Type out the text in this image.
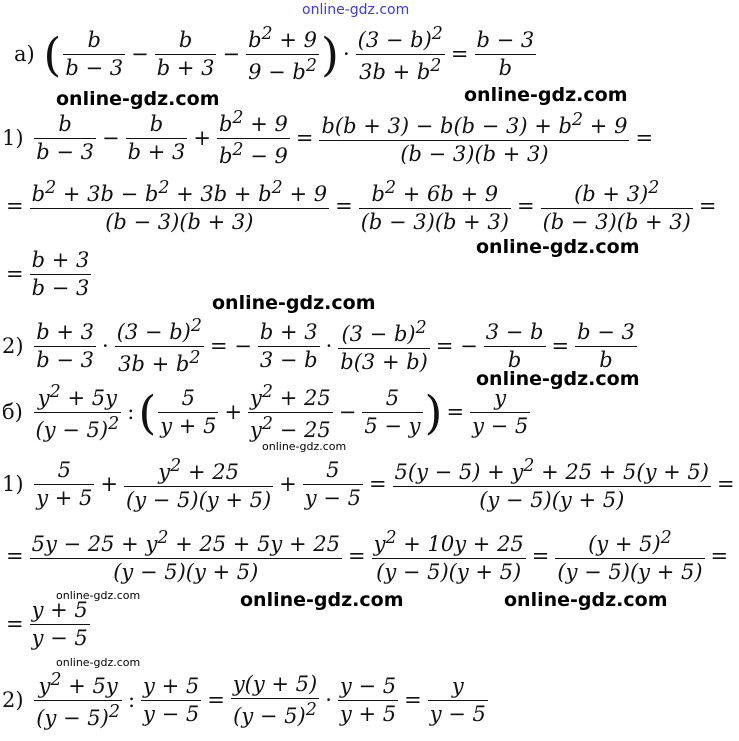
online-gdz.com
а) ( $\frac{b}{b - 3} - \frac{b}{b + 3} - \frac{b^2 + 9}{9 - b^2}$ ) · $\frac{(3 - b)^2}{3b + b^2} = \frac{b - 3}{b}$
$1) \frac{b}{b - 3} - \frac{b}{b + 3} + \frac{b^2 + 9}{b^2 - 9} = \frac{b(b + 3) - b(b - 3) + b^2 + 9}{(b - 3)(b + 3)}$ =
= $\frac{b^2 + 3b - b^2 + 3b + b^2 + 9}{(b - 3)(b + 3)} = \frac{b^2 + 6b + 9}{(b - 3)(b + 3)} = \frac{(b + 3)^2}{(b - 3)(b + 3)}$ =
= $\frac{b + 3}{b - 3}$
$2) \frac{b + 3}{b - 3} \cdot \frac{(3 - b)^2}{3b + b^2}$ = − $\frac{b + 3}{3 - b} \cdot \frac{(3 - b)^2}{b(3 + b)}$ = − $\frac{3 - b}{b} = \frac{b - 3}{b}$
$б) \frac{y^2 + 5y}{(y - 5)^2}$ :( $\frac{5}{y + 5} + \frac{y^2 + 25}{y^2 - 25} - \frac{5}{5 - y}$ ) = $\frac{y}{y - 5}$
$1) \frac{5}{y + 5} + \frac{y^2 + 25}{(y - 5)(y + 5)} + \frac{5}{y - 5} = \frac{5(y - 5) + y^2 + 25 + 5(y + 5)}{(y - 5)(y + 5)}$ =
= $\frac{5y - 25 + y^2 + 25 + 5y + 25}{(y - 5)(y + 5)} = \frac{y^2 + 10y + 25}{(y - 5)(y + 5)} = \frac{(y + 5)^2}{(y - 5)(y + 5)}$ =
= $\frac{y + 5}{y - 5}$
$2) \frac{y^2 + 5y}{(y - 5)^2}$ : $\frac{y + 5}{y - 5} = \frac{y(y + 5)}{(y - 5)^2} \cdot \frac{y - 5}{y + 5} = \frac{y}{y - 5}$
online-gdz.com	online-gdz.com
online-gdz.com
online-gdz.com
online-gdz.com
online-gdz.com	online-gdz.com
online-gdz.com
online-gdz.com
online-gdz.com
